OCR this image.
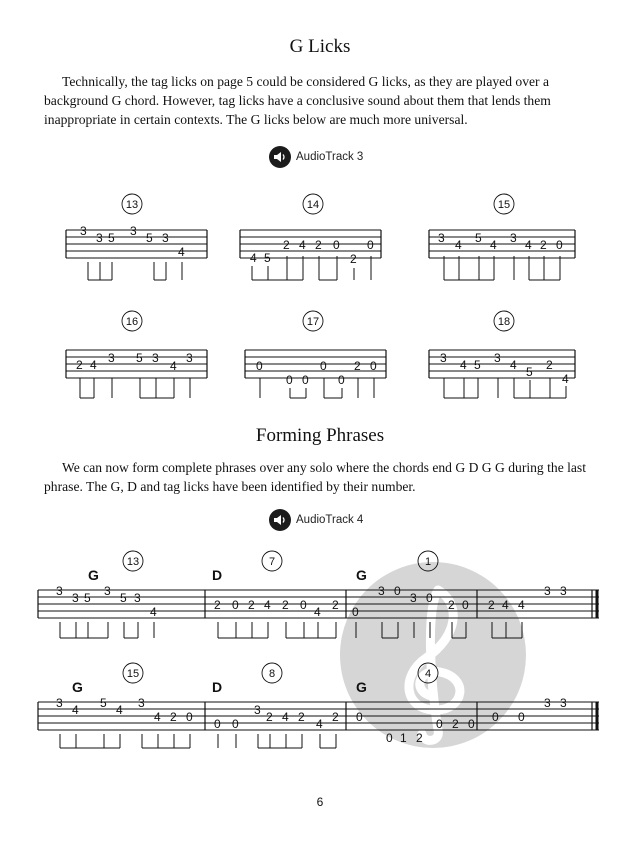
G Licks
Technically, the tag licks on page 5 could be considered G licks, as they are played over a background G chord. However, tag licks have a conclusive sound about them that lends them inappropriate in certain contexts. The G licks below are much more universal.
AudioTrack 3
13	14	15
16	17	18
13	7	1
15	8	4
G	D	G
G	D	G
3 3 5 3 5 3
4	4 5
2 4 2 0
2
0	3 4 5 4 3 4 2 0
2 4 3 5 3
4
3
0
0 0
0
0
2 0
3 4 5 3 4 5 2
4
3 3 5 3 5 3
4	2 0 2 4 2 0 4 2 0
3 0 3 0 2 0 2 4 4
3 3
3 4 5 4 3
4 2 0 0 0
3 2 4 2 4 2 0
0 1 2
0 2 0 0 0
3 3
Forming Phrases
We can now form complete phrases over any solo where the chords end G D G G during the last phrase. The G, D and tag licks have been identified by their number.
AudioTrack 4
6
